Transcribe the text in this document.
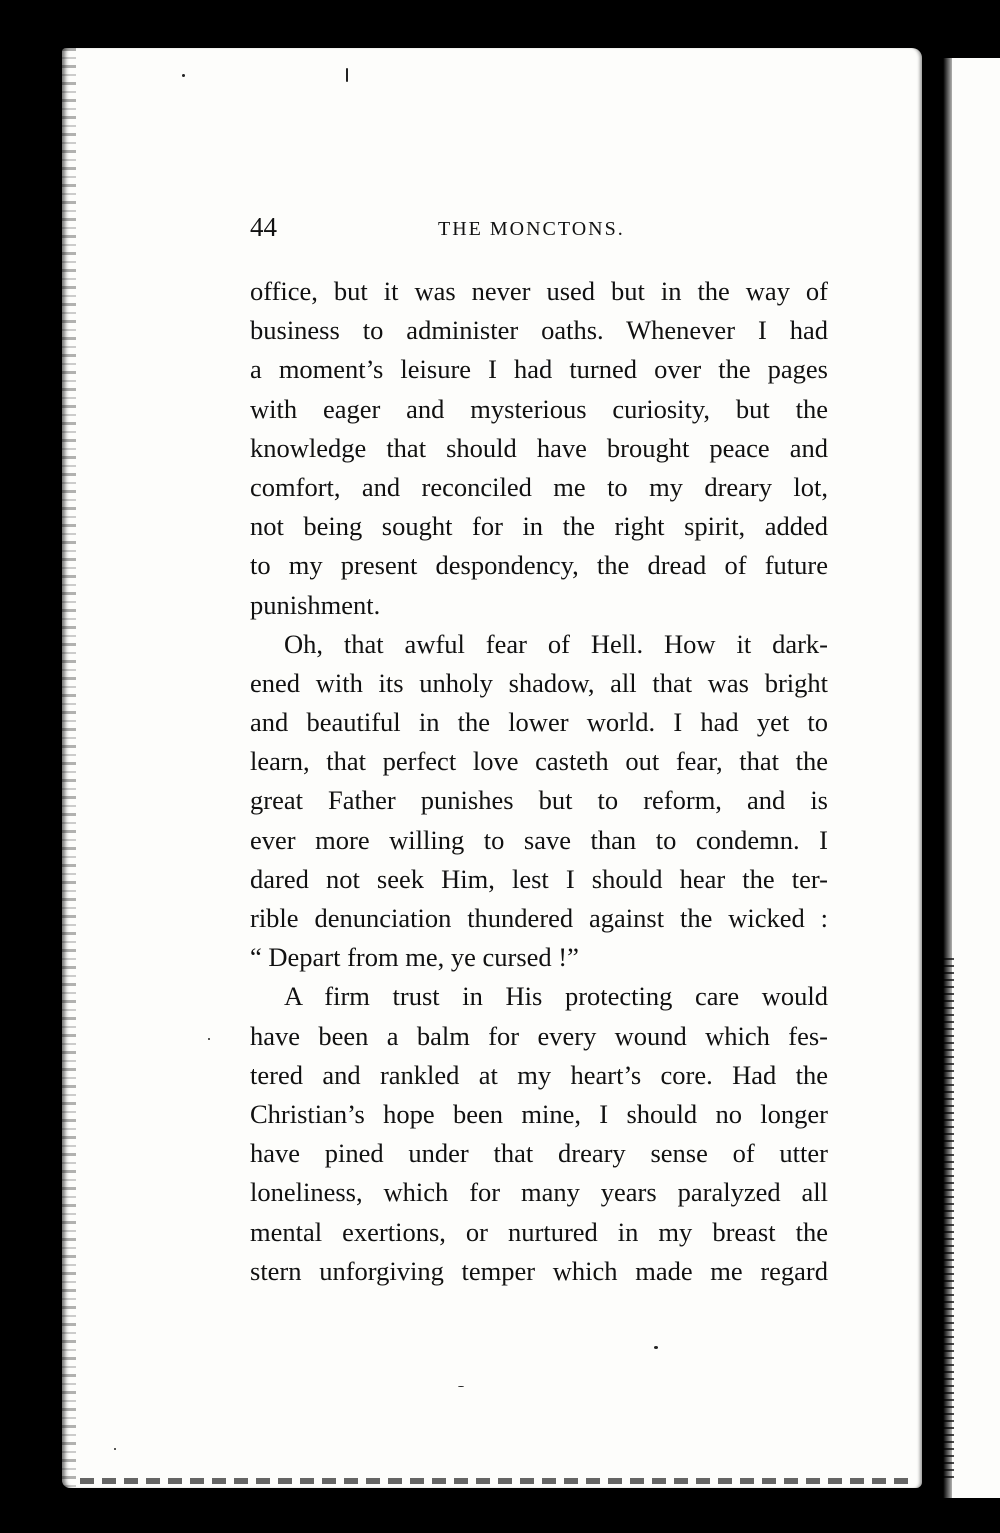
44	THE MONCTONS.
office, but it was never used but in the way of
business to administer oaths. Whenever I had
a moment’s leisure I had turned over the pages
with eager and mysterious curiosity, but the
knowledge that should have brought peace and
comfort, and reconciled me to my dreary lot,
not being sought for in the right spirit, added
to my present despondency, the dread of future
punishment.
Oh, that awful fear of Hell. How it dark-
ened with its unholy shadow, all that was bright
and beautiful in the lower world. I had yet to
learn, that perfect love casteth out fear, that the
great Father punishes but to reform, and is
ever more willing to save than to condemn. I
dared not seek Him, lest I should hear the ter-
rible denunciation thundered against the wicked :
“ Depart from me, ye cursed !”
A firm trust in His protecting care would
have been a balm for every wound which fes-
tered and rankled at my heart’s core. Had the
Christian’s hope been mine, I should no longer
have pined under that dreary sense of utter
loneliness, which for many years paralyzed all
mental exertions, or nurtured in my breast the
stern unforgiving temper which made me regard
